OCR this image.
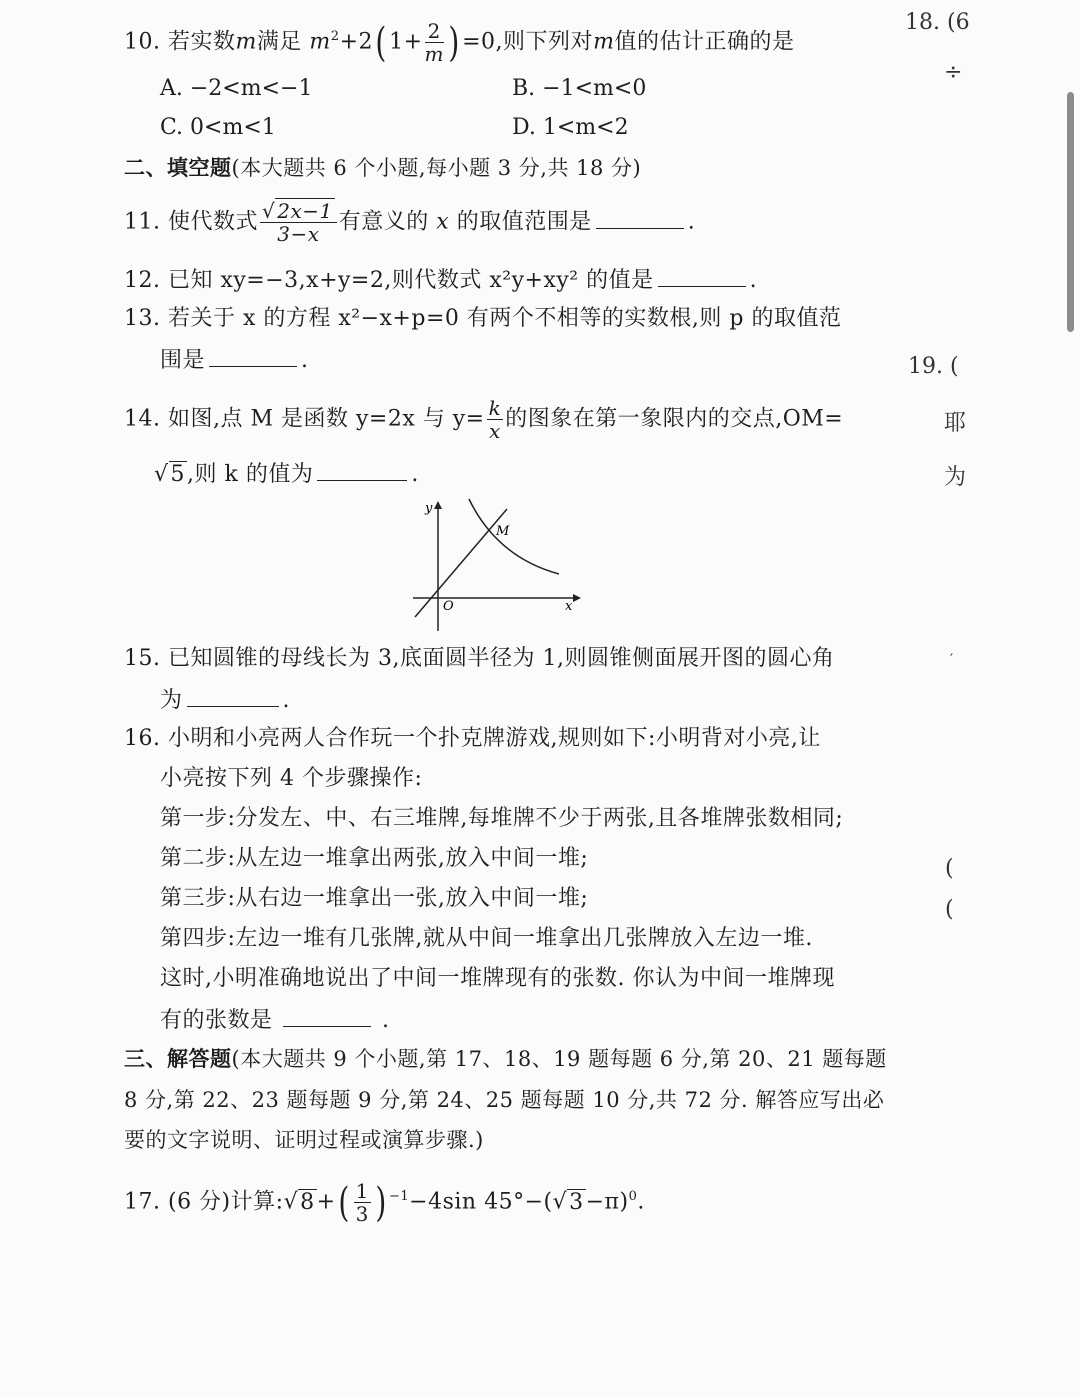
10. 若实数m满足 $m^2+2$( $1+ \frac{2}{m}$ ) =0,则下列对m值的估计正确的是
A. −2<m<−1	B. −1<m<0
C. 0<m<1	D. 1<m<2
二、填空题(本大题共 6 个小题,每小题 3 分,共 18 分)
11. 使代数式 $\frac{√ 2x-1}{3-x}$ 有意义的 x 的取值范围是	.
12. 已知 xy=−3,x+y=2,则代数式 x²y+xy² 的值是	.
13. 若关于 x 的方程 x²−x+p=0 有两个不相等的实数根,则 p 的取值范
围是	.
14. 如图,点 M 是函数 y=2x 与 $y= \frac{k}{x}$ 的图象在第一象限内的交点,OM=
√5,则 k 的值为	.
y
x
O
M
15. 已知圆锥的母线长为 3,底面圆半径为 1,则圆锥侧面展开图的圆心角
为	.
16. 小明和小亮两人合作玩一个扑克牌游戏,规则如下:小明背对小亮,让
小亮按下列 4 个步骤操作:
第一步:分发左、中、右三堆牌,每堆牌不少于两张,且各堆牌张数相同;
第二步:从左边一堆拿出两张,放入中间一堆;
第三步:从右边一堆拿出一张,放入中间一堆;
第四步:左边一堆有几张牌,就从中间一堆拿出几张牌放入左边一堆.
这时,小明准确地说出了中间一堆牌现有的张数. 你认为中间一堆牌现
有的张数是	.
三、解答题(本大题共 9 个小题,第 17、18、19 题每题 6 分,第 20、21 题每题
8 分,第 22、23 题每题 9 分,第 24、25 题每题 10 分,共 72 分. 解答应写出必
要的文字说明、证明过程或演算步骤.)
17. (6 分)计算:√8+( $\frac{1}{3}$ ) $^{-1}$−4sin $45^\circ-(√3-\pi)^0$.
18. (6
÷
19. (
耶
为
′
(
(
